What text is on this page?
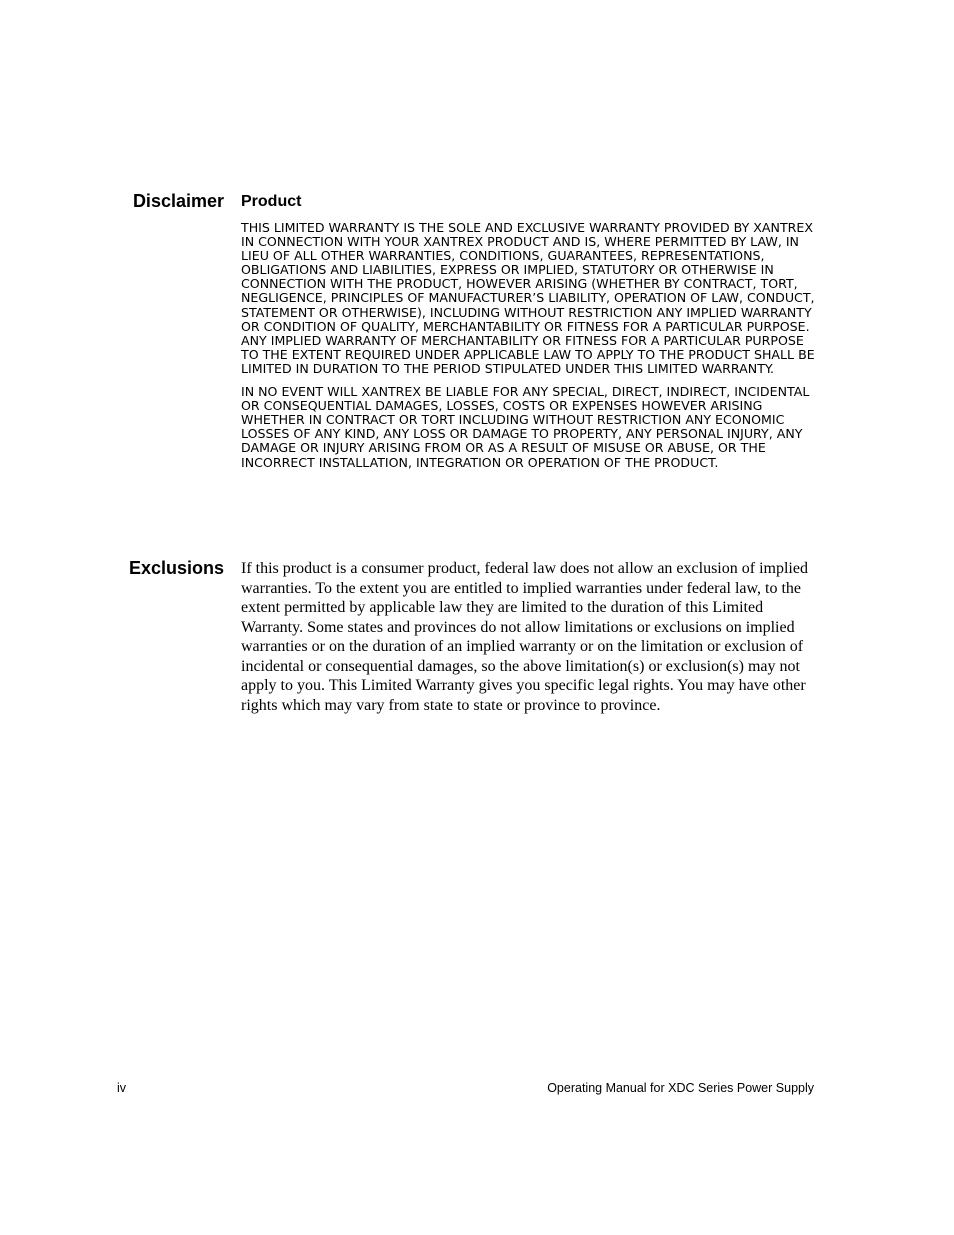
Disclaimer Product

THIS LIMITED WARRANTY IS THE SOLE AND EXCLUSIVE WARRANTY PROVIDED BY XANTREX IN CONNECTION WITH YOUR XANTREX PRODUCT AND IS, WHERE PERMITTED BY LAW, IN LIEU OF ALL OTHER WARRANTIES, CONDITIONS, GUARANTEES, REPRESENTATIONS, OBLIGATIONS AND LIABILITIES, EXPRESS OR IMPLIED, STATUTORY OR OTHERWISE IN CONNECTION WITH THE PRODUCT, HOWEVER ARISING (WHETHER BY CONTRACT, TORT, NEGLIGENCE, PRINCIPLES OF MANUFACTURER’S LIABILITY, OPERATION OF LAW, CONDUCT, STATEMENT OR OTHERWISE), INCLUDING WITHOUT RESTRICTION ANY IMPLIED WARRANTY OR CONDITION OF QUALITY, MERCHANTABILITY OR FITNESS FOR A PARTICULAR PURPOSE. ANY IMPLIED WARRANTY OF MERCHANTABILITY OR FITNESS FOR A PARTICULAR PURPOSE TO THE EXTENT REQUIRED UNDER APPLICABLE LAW TO APPLY TO THE PRODUCT SHALL BE LIMITED IN DURATION TO THE PERIOD STIPULATED UNDER THIS LIMITED WARRANTY.

IN NO EVENT WILL XANTREX BE LIABLE FOR ANY SPECIAL, DIRECT, INDIRECT, INCIDENTAL OR CONSEQUENTIAL DAMAGES, LOSSES, COSTS OR EXPENSES HOWEVER ARISING WHETHER IN CONTRACT OR TORT INCLUDING WITHOUT RESTRICTION ANY ECONOMIC LOSSES OF ANY KIND, ANY LOSS OR DAMAGE TO PROPERTY, ANY PERSONAL INJURY, ANY DAMAGE OR INJURY ARISING FROM OR AS A RESULT OF MISUSE OR ABUSE, OR THE INCORRECT INSTALLATION, INTEGRATION OR OPERATION OF THE PRODUCT.

Exclusions If this product is a consumer product, federal law does not allow an exclusion of implied warranties. To the extent you are entitled to implied warranties under federal law, to the extent permitted by applicable law they are limited to the duration of this Limited Warranty. Some states and provinces do not allow limitations or exclusions on implied warranties or on the duration of an implied warranty or on the limitation or exclusion of incidental or consequential damages, so the above limitation(s) or exclusion(s) may not apply to you. This Limited Warranty gives you specific legal rights. You may have other rights which may vary from state to state or province to province.

iv	Operating Manual for XDC Series Power Supply
